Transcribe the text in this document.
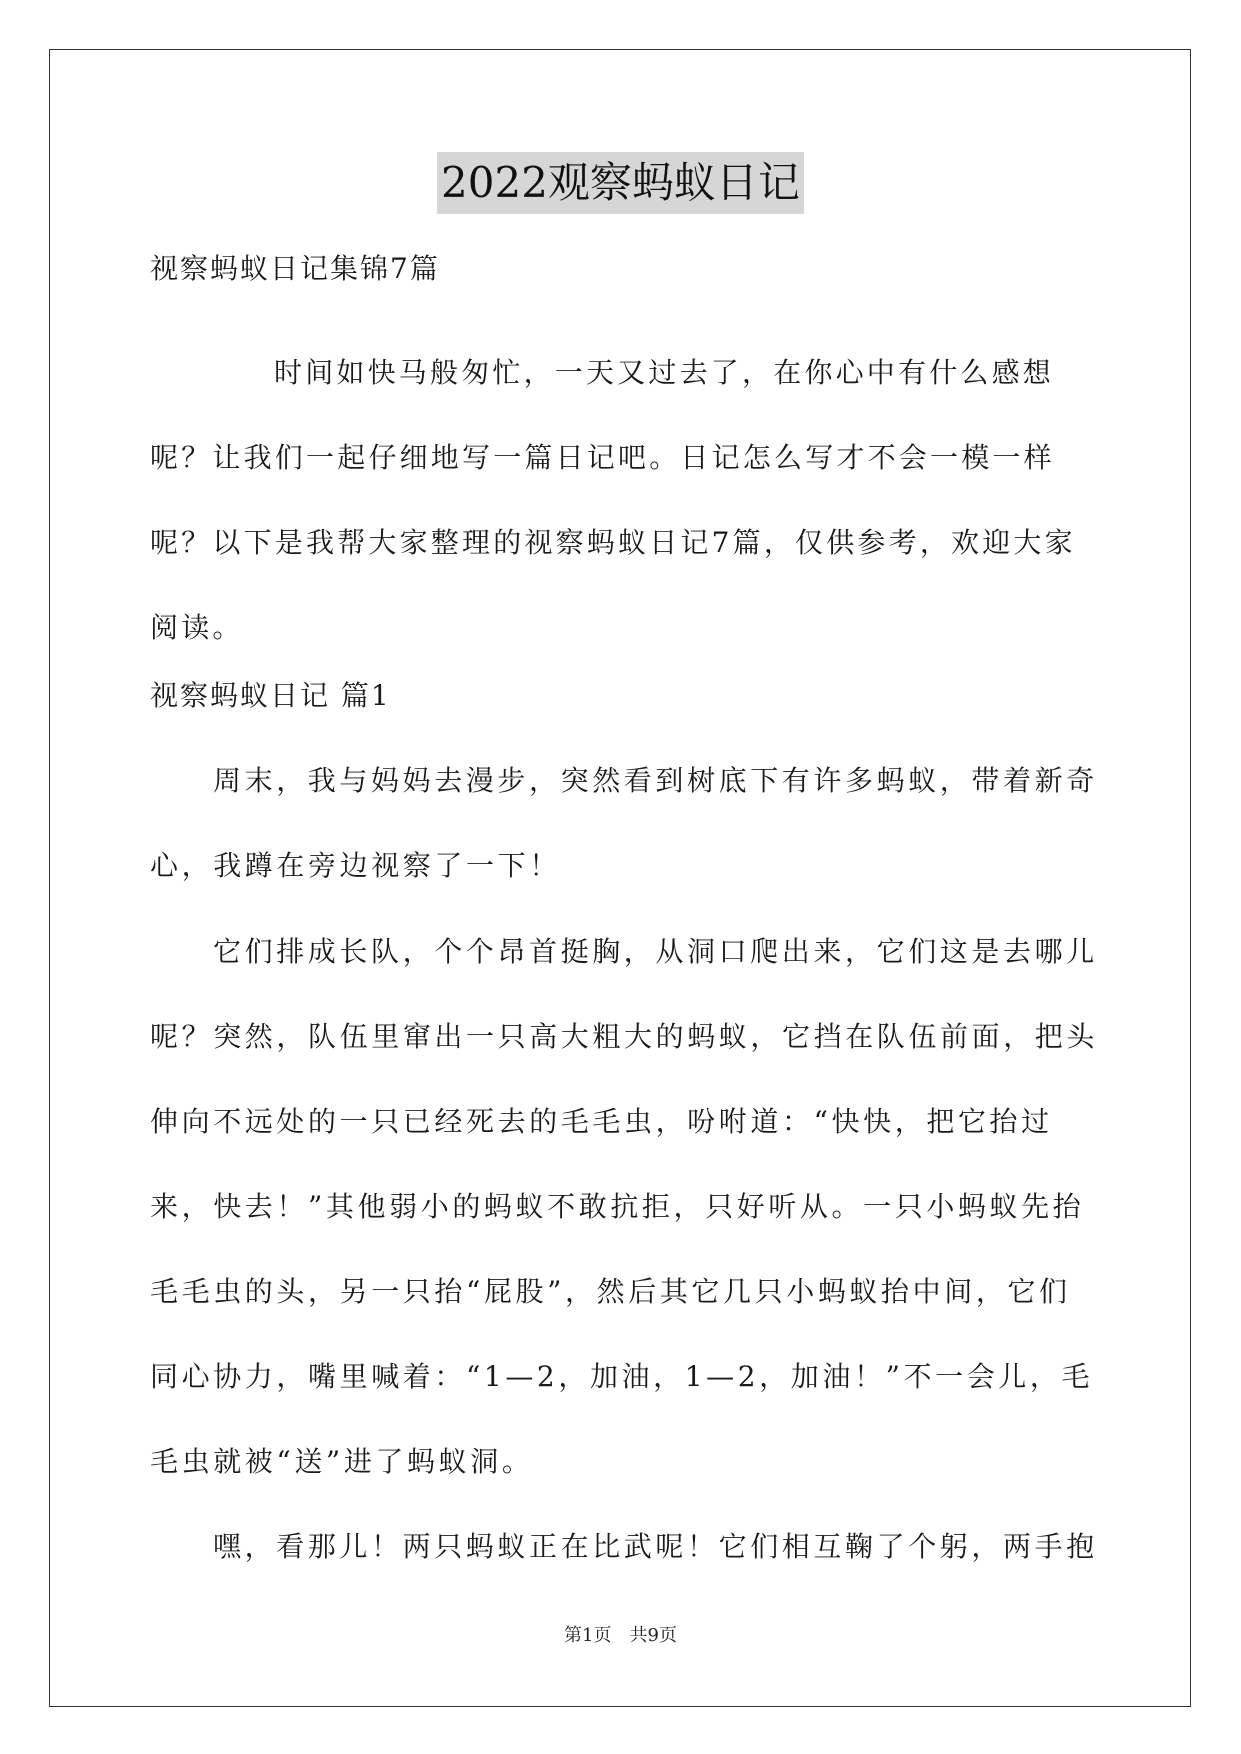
2022观察蚂蚁日记

视察蚂蚁日记集锦7篇

时间如快马般匆忙，一天又过去了，在你心中有什么感想呢？让我们一起仔细地写一篇日记吧。日记怎么写才不会一模一样呢？以下是我帮大家整理的视察蚂蚁日记7篇，仅供参考，欢迎大家阅读。

视察蚂蚁日记 篇1

周末，我与妈妈去漫步，突然看到树底下有许多蚂蚁，带着新奇心，我蹲在旁边视察了一下！

它们排成长队，个个昂首挺胸，从洞口爬出来，它们这是去哪儿呢？突然，队伍里窜出一只高大粗大的蚂蚁，它挡在队伍前面，把头伸向不远处的一只已经死去的毛毛虫，吩咐道：“快快，把它抬过来，快去！”其他弱小的蚂蚁不敢抗拒，只好听从。一只小蚂蚁先抬毛毛虫的头，另一只抬“屁股”，然后其它几只小蚂蚁抬中间，它们同心协力，嘴里喊着：“1—2，加油，1—2，加油！”不一会儿，毛毛虫就被“送”进了蚂蚁洞。

嘿，看那儿！两只蚂蚁正在比武呢！它们相互鞠了个躬，两手抱

第1页 共9页
